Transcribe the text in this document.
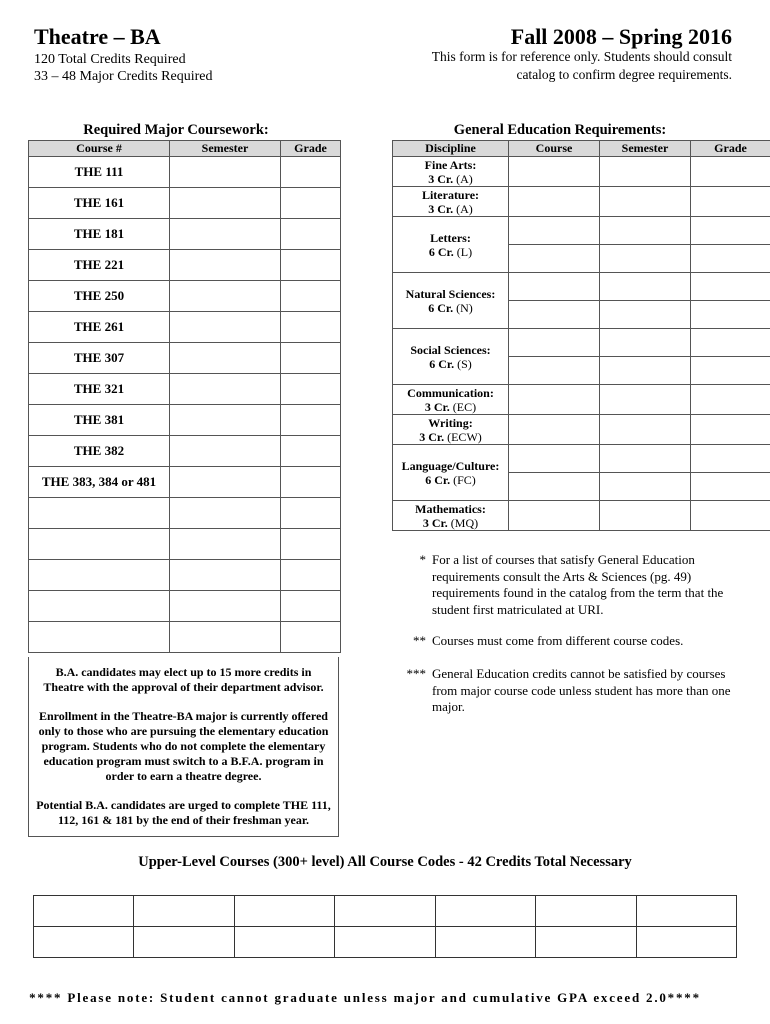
Theatre – BA	Fall 2008 – Spring 2016
120 Total Credits Required
33 – 48 Major Credits Required
This form is for reference only. Students should consult catalog to confirm degree requirements.
Required Major Coursework:
Course #	Semester	Grade
THE 111		
THE 161		
THE 181		
THE 221		
THE 250		
THE 261		
THE 307		
THE 321		
THE 381		
THE 382		
THE 383, 384 or 481		

B.A. candidates may elect up to 15 more credits in Theatre with the approval of their department advisor.

Enrollment in the Theatre-BA major is currently offered only to those who are pursuing the elementary education program. Students who do not complete the elementary education program must switch to a B.F.A. program in order to earn a theatre degree.

Potential B.A. candidates are urged to complete THE 111, 112, 161 & 181 by the end of their freshman year.

General Education Requirements:
Discipline	Course	Semester	Grade

Fine Arts:
3 Cr. (A)			

Literature:
3 Cr. (A)			

Letters:
6 Cr. (L)			

Natural Sciences:
6 Cr. (N)			

Social Sciences:
6 Cr. (S)			

Communication:
3 Cr. (EC)			

Writing:
3 Cr. (ECW)			

Language/Culture:
6 Cr. (FC)			

Mathematics:
3 Cr. (MQ)			

* For a list of courses that satisfy General Education requirements consult the Arts & Sciences (pg. 49) requirements found in the catalog from the term that the student first matriculated at URI.
** Courses must come from different course codes.
*** General Education credits cannot be satisfied by courses from major course code unless student has more than one major.
Upper-Level Courses (300+ level) All Course Codes - 42 Credits Total Necessary

**** Please note: Student cannot graduate unless major and cumulative GPA exceed 2.0****
